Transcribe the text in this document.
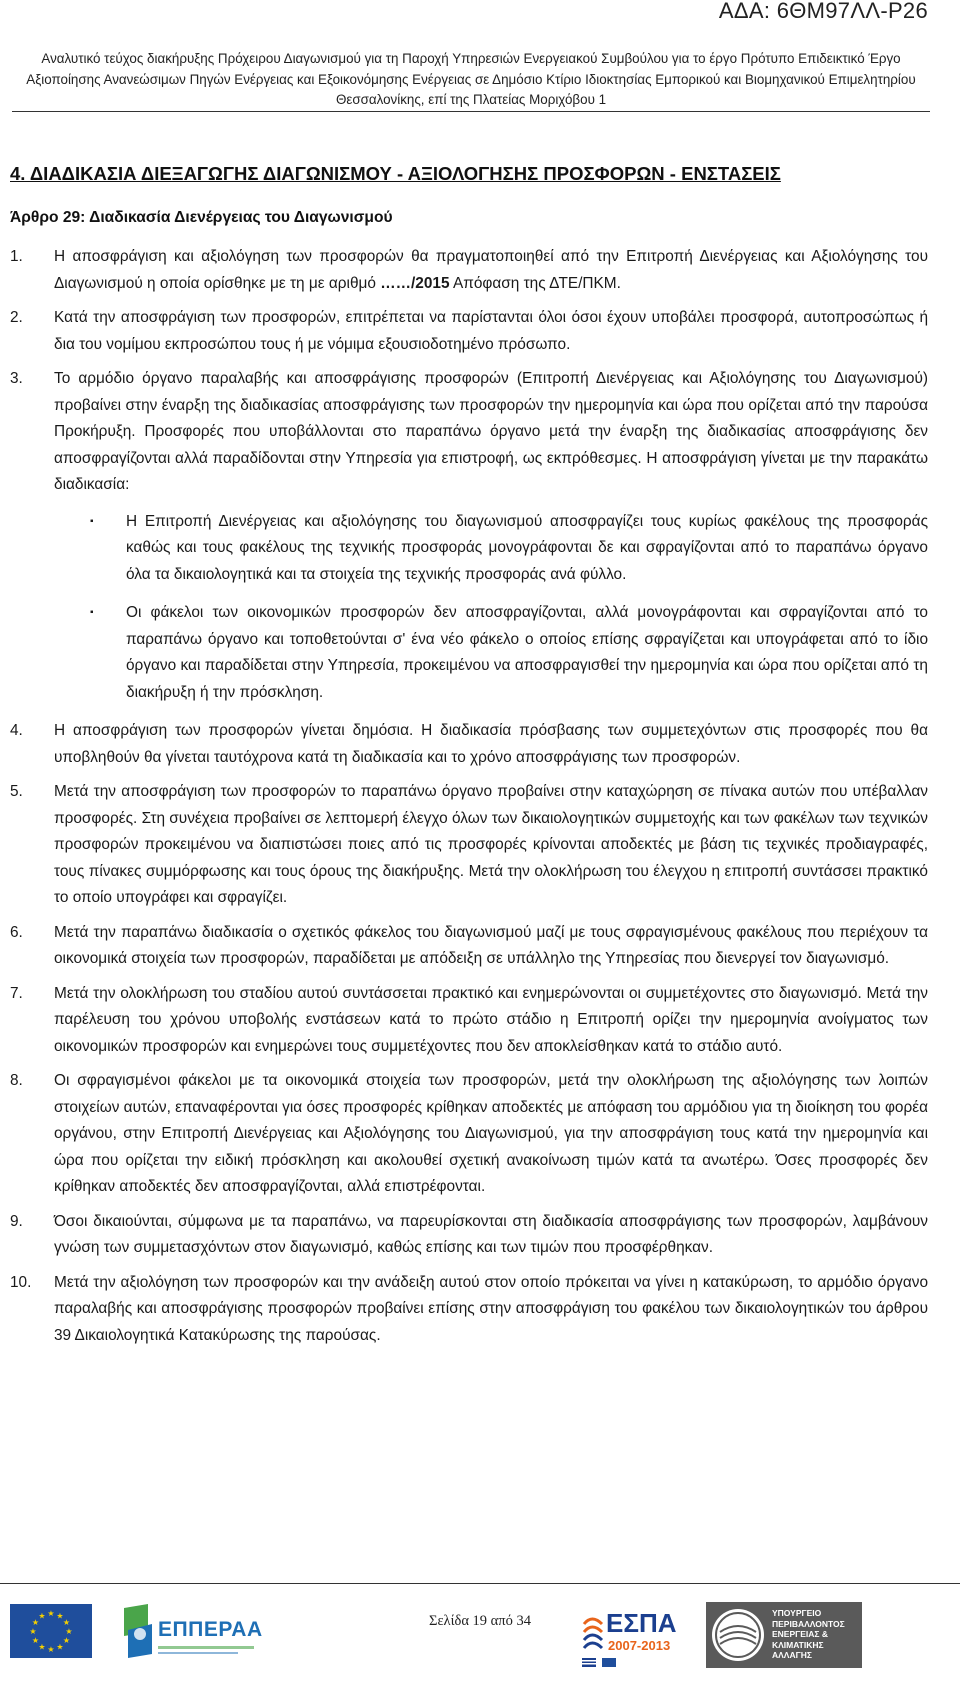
ΑΔΑ: 6ΘΜ97ΛΛ-Ρ26
Αναλυτικό τεύχος διακήρυξης Πρόχειρου Διαγωνισμού για τη Παροχή Υπηρεσιών Ενεργειακού Συμβούλου για το έργο Πρότυπο Επιδεικτικό Έργο
Αξιοποίησης Ανανεώσιμων Πηγών Ενέργειας και Εξοικονόμησης Ενέργειας σε Δημόσιο Κτίριο Ιδιοκτησίας Εμπορικού και Βιομηχανικού Επιμελητηρίου
Θεσσαλονίκης, επί της Πλατείας Μοριχόβου 1
4. ΔΙΑΔΙΚΑΣΙΑ ΔΙΕΞΑΓΩΓΗΣ ΔΙΑΓΩΝΙΣΜΟΥ - ΑΞΙΟΛΟΓΗΣΗΣ ΠΡΟΣΦΟΡΩΝ - ΕΝΣΤΑΣΕΙΣ
Άρθρο 29: Διαδικασία Διενέργειας του Διαγωνισμού
1.	Η αποσφράγιση και αξιολόγηση των προσφορών θα πραγματοποιηθεί από την Επιτροπή Διενέργειας και Αξιολόγησης του Διαγωνισμού η οποία ορίσθηκε με τη με αριθμό ……/2015 Απόφαση της ΔΤΕ/ΠΚΜ.
2.	Κατά την αποσφράγιση των προσφορών, επιτρέπεται να παρίστανται όλοι όσοι έχουν υποβάλει προσφορά, αυτοπροσώπως ή δια του νομίμου εκπροσώπου τους ή με νόμιμα εξουσιοδοτημένο πρόσωπο.
3.	Το αρμόδιο όργανο παραλαβής και αποσφράγισης προσφορών (Επιτροπή Διενέργειας και Αξιολόγησης του Διαγωνισμού) προβαίνει στην έναρξη της διαδικασίας αποσφράγισης των προσφορών την ημερομηνία και ώρα που ορίζεται από την παρούσα Προκήρυξη. Προσφορές που υποβάλλονται στο παραπάνω όργανο μετά την έναρξη της διαδικασίας αποσφράγισης δεν αποσφραγίζονται αλλά παραδίδονται στην Υπηρεσία για επιστροφή, ως εκπρόθεσμες. Η αποσφράγιση γίνεται με την παρακάτω διαδικασία:
▪	Η Επιτροπή Διενέργειας και αξιολόγησης του διαγωνισμού αποσφραγίζει τους κυρίως φακέλους της προσφοράς καθώς και τους φακέλους της τεχνικής προσφοράς μονογράφονται δε και σφραγίζονται από το παραπάνω όργανο όλα τα δικαιολογητικά και τα στοιχεία της τεχνικής προσφοράς ανά φύλλο.
▪	Οι φάκελοι των οικονομικών προσφορών δεν αποσφραγίζονται, αλλά μονογράφονται και σφραγίζονται από το παραπάνω όργανο και τοποθετούνται σ' ένα νέο φάκελο ο οποίος επίσης σφραγίζεται και υπογράφεται από το ίδιο όργανο και παραδίδεται στην Υπηρεσία, προκειμένου να αποσφραγισθεί την ημερομηνία και ώρα που ορίζεται από τη διακήρυξη ή την πρόσκληση.
4.	Η αποσφράγιση των προσφορών γίνεται δημόσια. Η διαδικασία πρόσβασης των συμμετεχόντων στις προσφορές που θα υποβληθούν θα γίνεται ταυτόχρονα κατά τη διαδικασία και το χρόνο αποσφράγισης των προσφορών.
5.	Μετά την αποσφράγιση των προσφορών το παραπάνω όργανο προβαίνει στην καταχώρηση σε πίνακα αυτών που υπέβαλλαν προσφορές. Στη συνέχεια προβαίνει σε λεπτομερή έλεγχο όλων των δικαιολογητικών συμμετοχής και των φακέλων των τεχνικών προσφορών προκειμένου να διαπιστώσει ποιες από τις προσφορές κρίνονται αποδεκτές με βάση τις τεχνικές προδιαγραφές, τους πίνακες συμμόρφωσης και τους όρους της διακήρυξης. Μετά την ολοκλήρωση του έλεγχου η επιτροπή συντάσσει πρακτικό το οποίο υπογράφει και σφραγίζει.
6.	Μετά την παραπάνω διαδικασία ο σχετικός φάκελος του διαγωνισμού μαζί με τους σφραγισμένους φακέλους που περιέχουν τα οικονομικά στοιχεία των προσφορών, παραδίδεται με απόδειξη σε υπάλληλο της Υπηρεσίας που διενεργεί τον διαγωνισμό.
7.	Μετά την ολοκλήρωση του σταδίου αυτού συντάσσεται πρακτικό και ενημερώνονται οι συμμετέχοντες στο διαγωνισμό. Μετά την παρέλευση του χρόνου υποβολής ενστάσεων κατά το πρώτο στάδιο η Επιτροπή ορίζει την ημερομηνία ανοίγματος των οικονομικών προσφορών και ενημερώνει τους συμμετέχοντες που δεν αποκλείσθηκαν κατά το στάδιο αυτό.
8.	Οι σφραγισμένοι φάκελοι με τα οικονομικά στοιχεία των προσφορών, μετά την ολοκλήρωση της αξιολόγησης των λοιπών στοιχείων αυτών, επαναφέρονται για όσες προσφορές κρίθηκαν αποδεκτές με απόφαση του αρμόδιου για τη διοίκηση του φορέα οργάνου, στην Επιτροπή Διενέργειας και Αξιολόγησης του Διαγωνισμού, για την αποσφράγιση τους κατά την ημερομηνία και ώρα που ορίζεται την ειδική πρόσκληση και ακολουθεί σχετική ανακοίνωση τιμών κατά τα ανωτέρω. Όσες προσφορές δεν κρίθηκαν αποδεκτές δεν αποσφραγίζονται, αλλά επιστρέφονται.
9.	Όσοι δικαιούνται, σύμφωνα με τα παραπάνω, να παρευρίσκονται στη διαδικασία αποσφράγισης των προσφορών, λαμβάνουν γνώση των συμμετασχόντων στον διαγωνισμό, καθώς επίσης και των τιμών που προσφέρθηκαν.
10.	Μετά την αξιολόγηση των προσφορών και την ανάδειξη αυτού στον οποίο πρόκειται να γίνει η κατακύρωση, το αρμόδιο όργανο παραλαβής και αποσφράγισης προσφορών προβαίνει επίσης στην αποσφράγιση του φακέλου των δικαιολογητικών του άρθρου 39 Δικαιολογητικά Κατακύρωσης της παρούσας.
★ ★
★
★
★
★
★
★
★
★
★
★
ΕΠΠΕΡΑΑ	Σελίδα 19 από 34	ΕΣΠΑ
2007-2013
ΥΠΟΥΡΓΕΙΟ
ΠΕΡΙΒΑΛΛΟΝΤΟΣ
ΕΝΕΡΓΕΙΑΣ &
ΚΛΙΜΑΤΙΚΗΣ
ΑΛΛΑΓΗΣ
